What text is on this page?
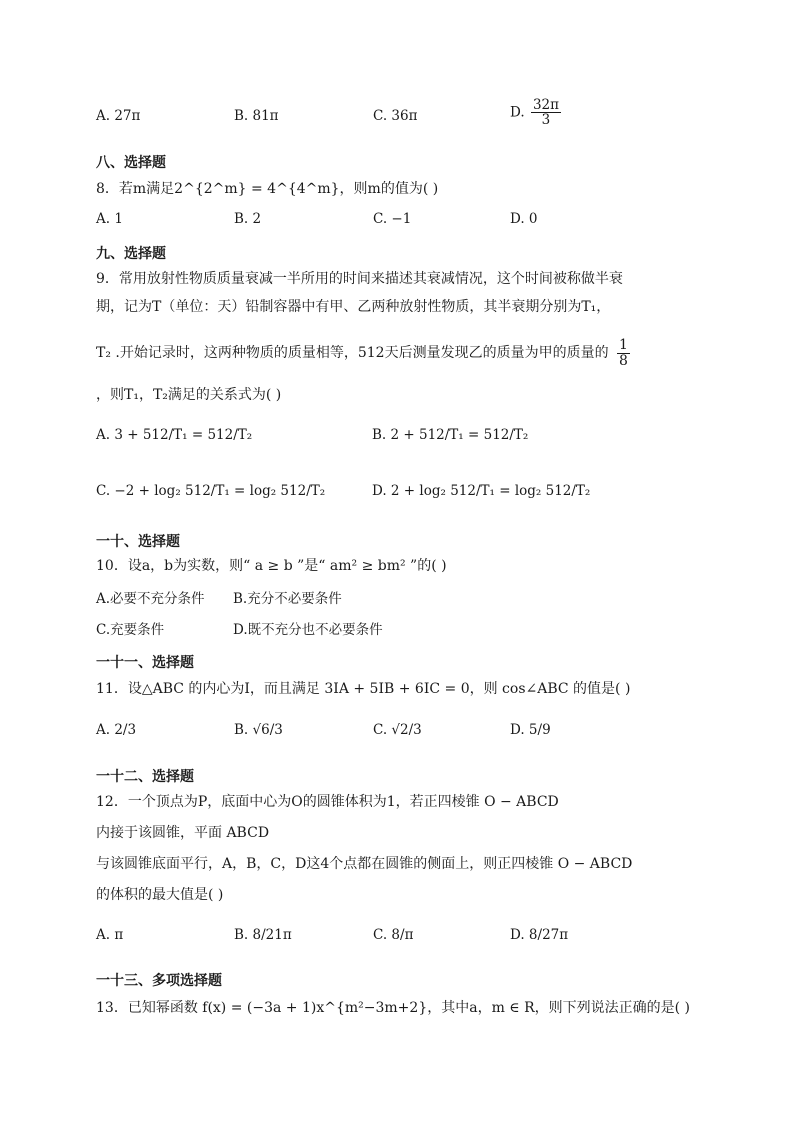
A. 27π	B. 81π	C. 36π	D. $\frac{32\pi}{3}$
八、选择题
8．若m满足2^{2^m} = 4^{4^m}，则m的值为( )
A. 1	B. 2	C. −1	D. 0
九、选择题
9．常用放射性物质质量衰减一半所用的时间来描述其衰减情况，这个时间被称做半衰
期，记为T（单位：天）铅制容器中有甲、乙两种放射性物质，其半衰期分别为T₁，
T₂ .开始记录时，这两种物质的质量相等，512天后测量发现乙的质量为甲的质量的 $\frac{1}{8}$
，则T₁，T₂满足的关系式为( )
A. 3 + 512/T₁ = 512/T₂	B. 2 + 512/T₁ = 512/T₂
C. −2 + log₂ 512/T₁ = log₂ 512/T₂	D. 2 + log₂ 512/T₁ = log₂ 512/T₂
一十、选择题
10．设a，b为实数，则“ a ≥ b ”是“ am² ≥ bm² ”的( )
A.必要不充分条件 B.充分不必要条件
C.充要条件	D.既不充分也不必要条件
一十一、选择题
11．设△ABC 的内心为I，而且满足 3IA + 5IB + 6IC = 0，则 cos∠ABC 的值是( )
A. 2/3	B. √6/3	C. √2/3	D. 5/9
一十二、选择题
12．一个顶点为P，底面中心为O的圆锥体积为1，若正四棱锥 O − ABCD
内接于该圆锥，平面 ABCD
与该圆锥底面平行，A，B，C，D这4个点都在圆锥的侧面上，则正四棱锥 O − ABCD
的体积的最大值是( )
A. π	B. 8/21π	C. 8/π	D. 8/27π
一十三、多项选择题
13．已知幂函数 f(x) = (−3a + 1)x^{m²−3m+2}，其中a，m ∈ R，则下列说法正确的是( )
